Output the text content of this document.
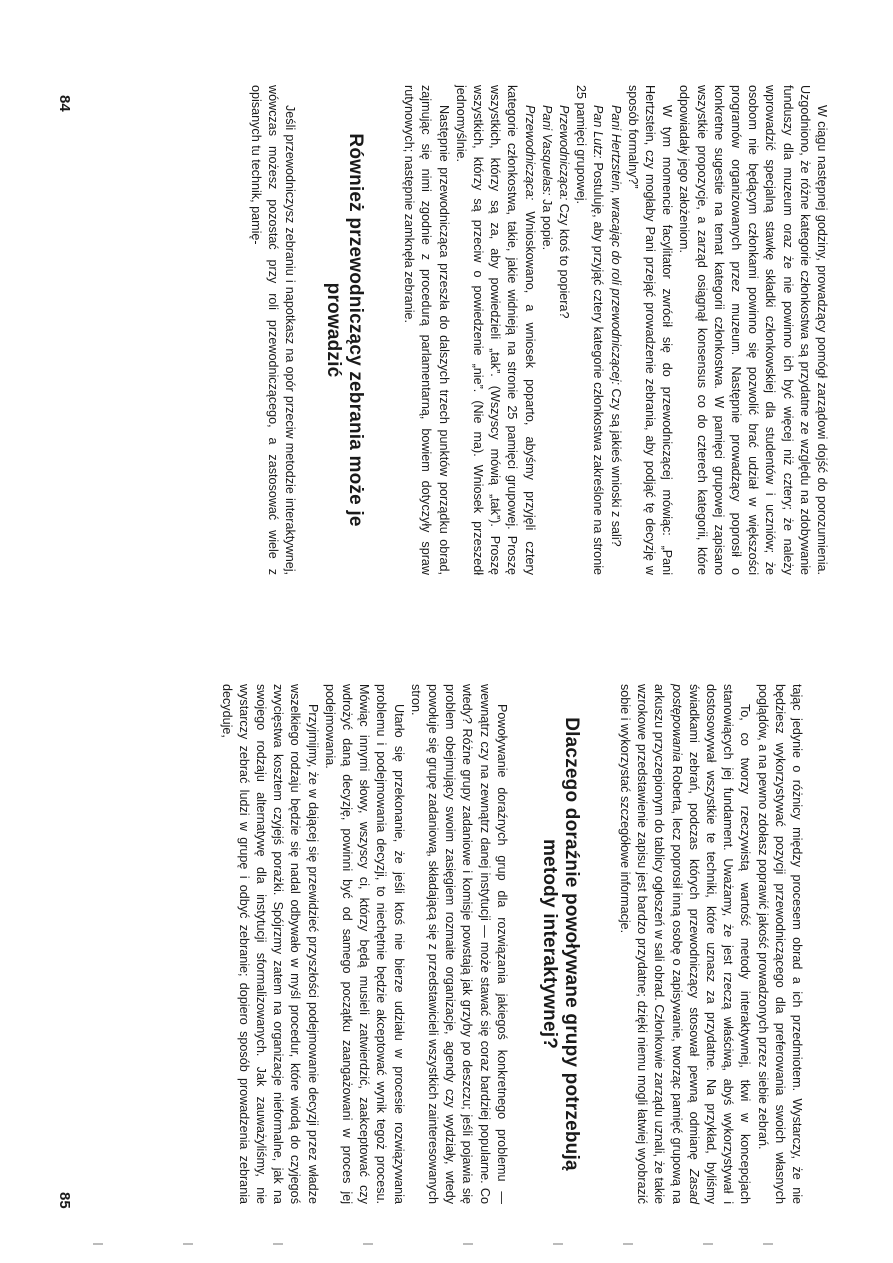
W ciągu następnej godziny, prowadzący pomógł zarządowi dojść do porozumienia. Uzgodniono, że różne kategorie członkostwa są przydatne ze względu na zdobywanie funduszy dla muzeum oraz że nie powinno ich być więcej niż cztery; że należy wprowadzić specjalną stawkę składki członkowskiej dla studentów i uczniów; że osobom nie będącym członkami powinno się pozwolić brać udział w większości programów organizowanych przez muzeum. Następnie prowadzący poprosił o konkretne sugestie na temat kategorii członkostwa. W pamięci grupowej zapisano wszystkie propozycje, a zarząd osiągnął konsensus co do czterech kategorii, które odpowiadały jego założeniom.

W tym momencie facylitator zwrócił się do przewodniczącej mówiąc: „Pani Hertzstein, czy mogłaby Pani przejąć prowadzenie zebrania, aby podjąć tę decyzję w sposób formalny?”

Pani Hertzstein, wracając do roli przewodniczącej: Czy są jakieś wnioski z sali?

Pan Lutz: Postuluję, aby przyjąć cztery kategorie członkostwa zakreślone na stronie 25 pamięci grupowej.

Przewodnicząca: Czy ktoś to popiera?

Pani Vasquelas: Ja popie.

Przewodnicząca: Wnioskowano, a wniosek poparto, abyśmy przyjęli cztery kategorie członkostwa, takie, jakie widnieją na stronie 25 pamięci grupowej. Proszę wszystkich, którzy są za, aby powiedzieli „tak”. (Wszyscy mówią „tak”). Proszę wszystkich, którzy są przeciw o powiedzenie „nie”. (Nie ma). Wniosek przeszedł jednomyślnie.

Następnie przewodnicząca przeszła do dalszych trzech punktów porządku obrad, zajmując się nimi zgodnie z procedurą parlamentarną, bowiem dotyczyły spraw rutynowych; następnie zamknęła zebranie.

Również przewodniczący zebrania może je prowadzić

Jeśli przewodniczysz zebraniu i napotkasz na opór przeciw metodzie interaktywnej, wówczas możesz pozostać przy roli przewodniczącego, a zastosować wiele z opisanych tu technik, pamię-

84

tając jedynie o różnicy między procesem obrad a ich przedmiotem. Wystarczy, że nie będziesz wykorzystywać pozycji przewodniczącego dla preferowania swoich własnych poglądów, a na pewno zdołasz poprawić jakość prowadzonych przez siebie zebrań.

To, co tworzy rzeczywistą wartość metody interaktywnej, tkwi w koncepcjach stanowiących jej fundament. Uważamy, że jest rzeczą właściwą, abyś wykorzystywał i dostosowywał wszystkie te techniki, które uznasz za przydatne. Na przykład, byliśmy świadkami zebrań, podczas których przewodniczący stosował pewną odmianę Zasad postępowania Roberta, lecz poprosił inną osobę o zapisywanie, tworząc pamięć grupową na arkuszu przyczepionym do tablicy ogłoszeń w sali obrad. Członkowie zarządu uznali, że takie wzrokowe przedstawienie zapisu jest bardzo przydatne; dzięki niemu mogli łatwiej wyobrazić sobie i wykorzystać szczegółowe informacje.

Dlaczego doraźnie powoływane grupy potrzebują metody interaktywnej?

Powoływanie doraźnych grup dla rozwiązania jakiegoś konkretnego problemu — wewnątrz czy na zewnątrz danej instytucji — może stawać się coraz bardziej popularne. Co wtedy? Różne grupy zadaniowe i komisje powstają jak grzyby po deszczu; jeśli pojawia się problem obejmujący swoim zasięgiem rozmaite organizacje, agendy czy wydziały, wtedy powołuje się grupę zadaniową, składającą się z przedstawicieli wszystkich zainteresowanych stron.

Utarło się przekonanie, że jeśli ktoś nie bierze udziału w procesie rozwiązywania problemu i podejmowania decyzji, to niechętnie będzie akceptować wynik tegoż procesu. Mówiąc innymi słowy, wszyscy ci, którzy będą musieli zatwierdzić, zaakceptować czy wdrożyć daną decyzję, powinni być od samego początku zaangażowani w proces jej podejmowania.

Przyjmijmy, że w dającej się przewidzieć przyszłości podejmowanie decyzji przez władze wszelkiego rodzaju będzie się nadal odbywało w myśl procedur, które wiodą do czyjegoś zwycięstwa kosztem czyjejś porażki. Spójrzmy zatem na organizacje nieformalne, jak na swojego rodzaju alternatywę dla instytucji sformalizowanych. Jak zauważyliśmy, nie wystarczy zebrać ludzi w grupę i odbyć zebranie; dopiero sposób prowadzenia zebrania decyduje,

85
